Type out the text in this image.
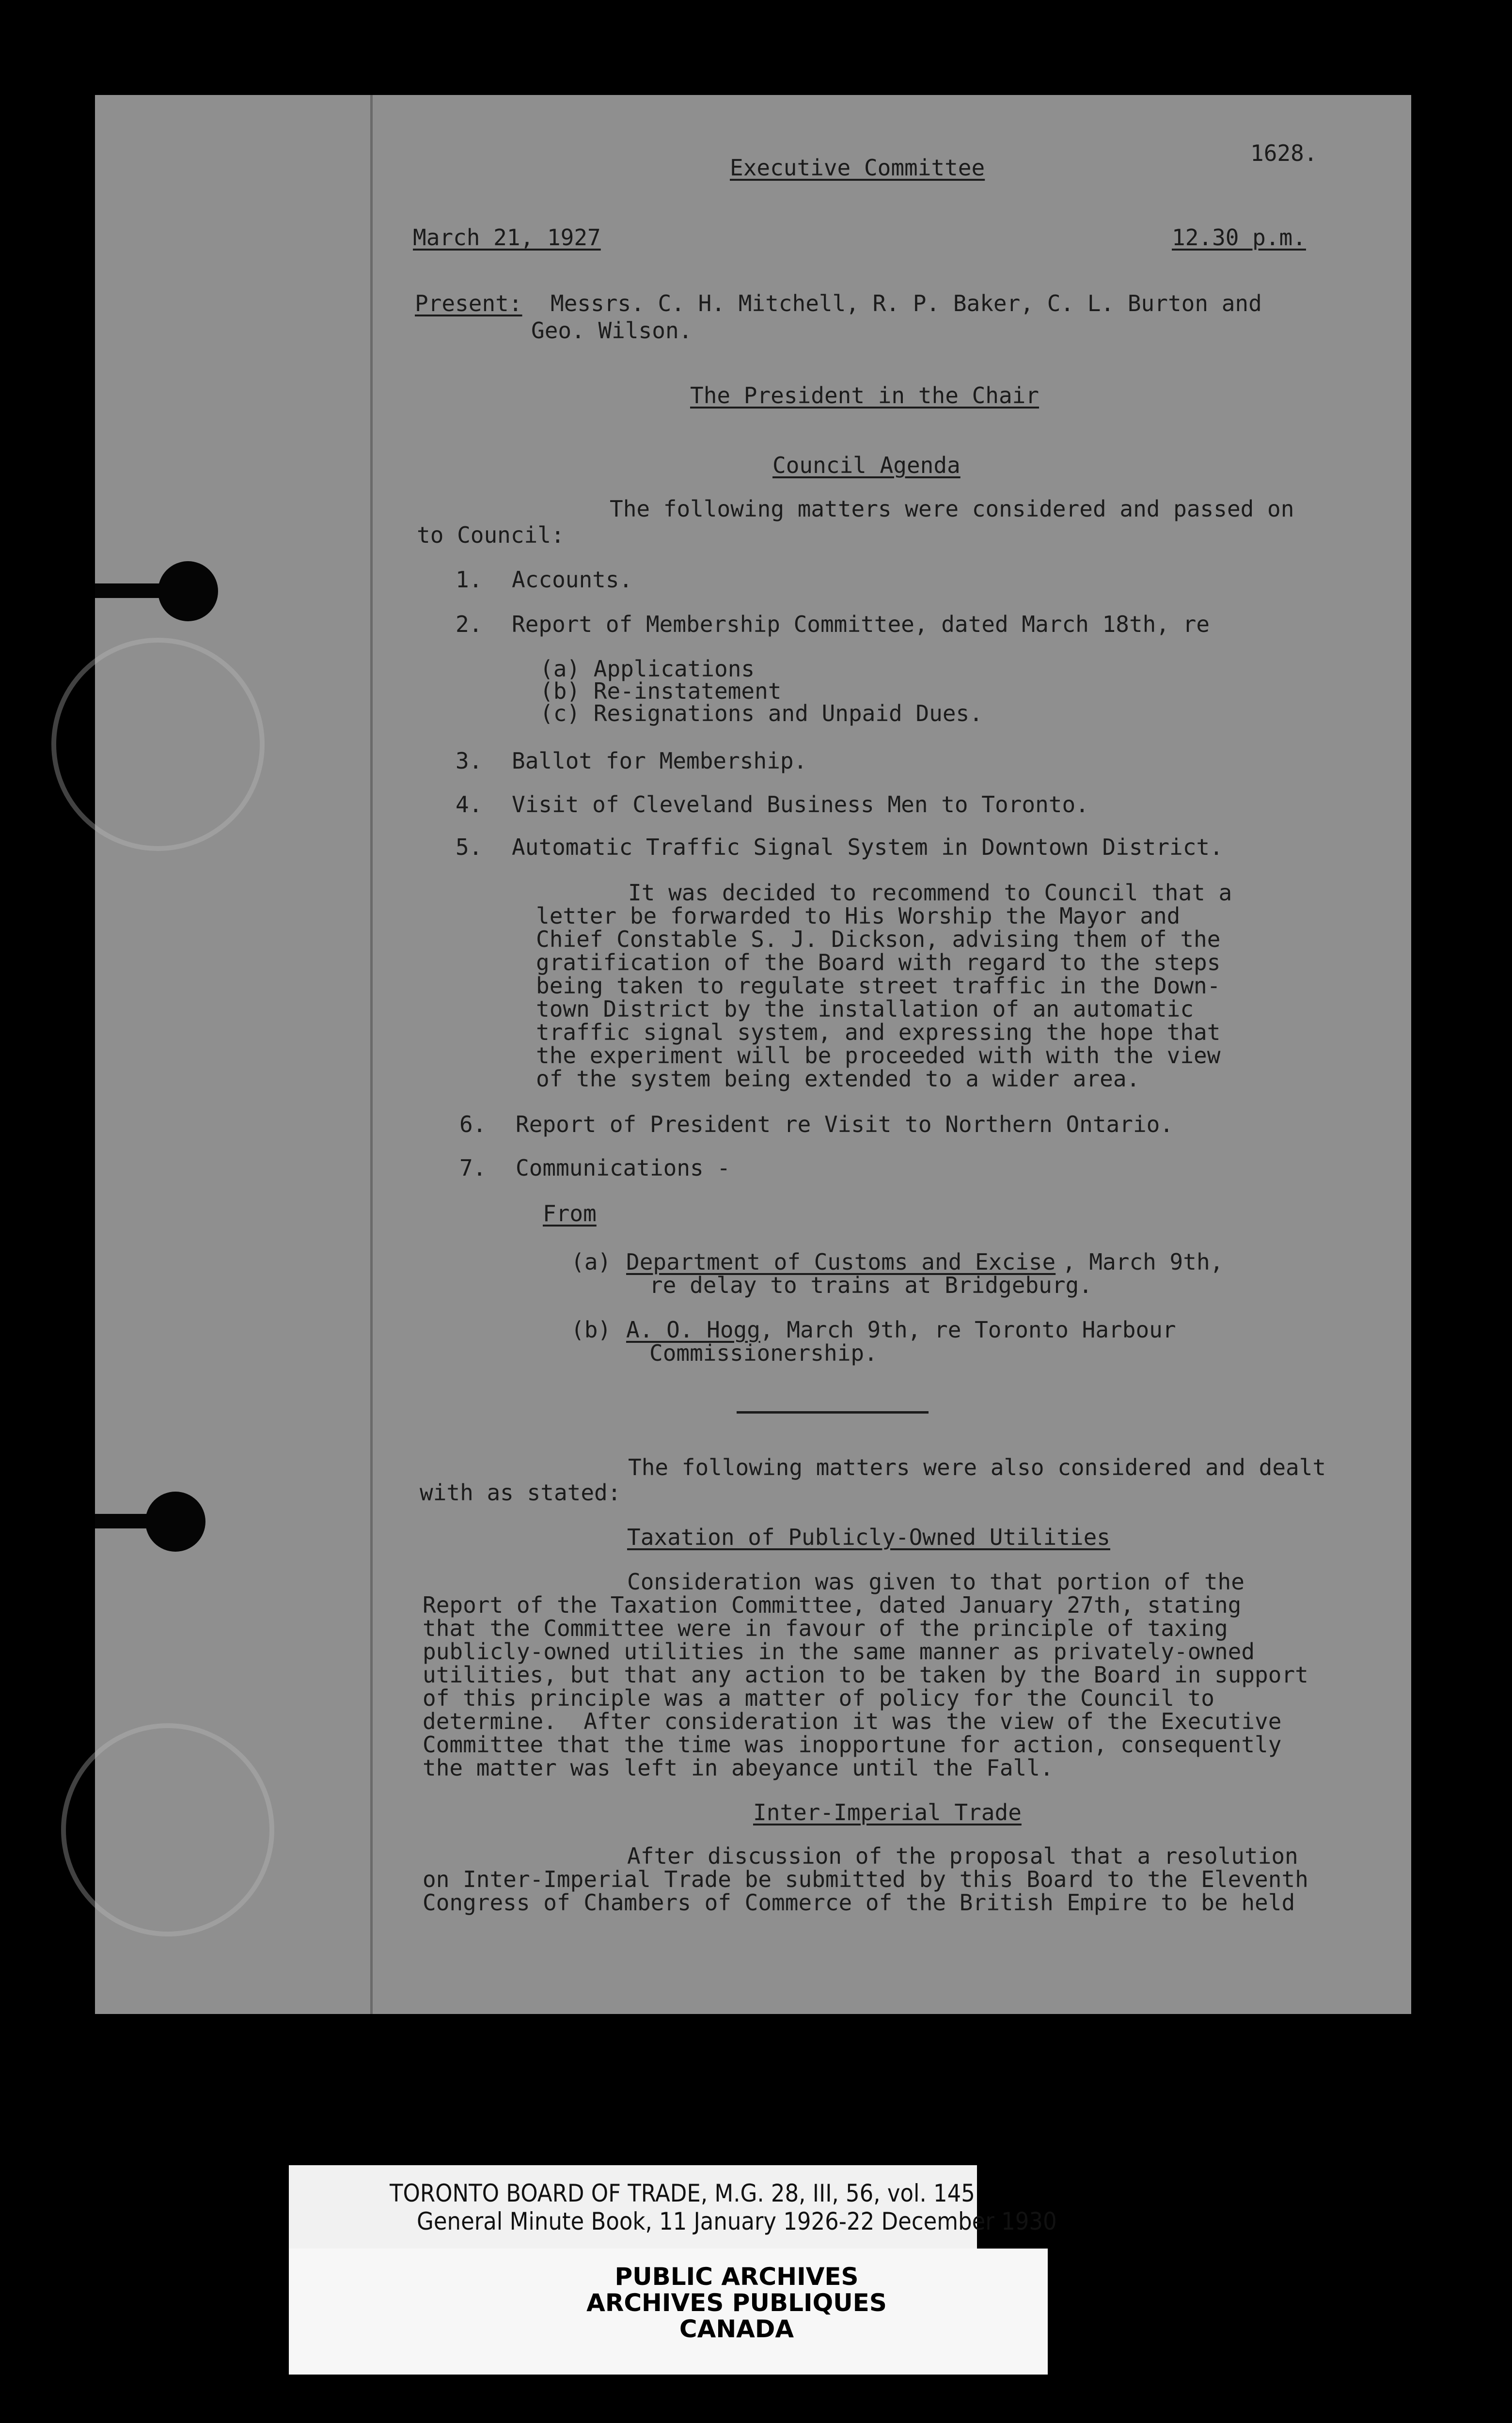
Executive Committee
1628.
March 21, 1927	12.30 p.m.
Present: Messrs. C. H. Mitchell, R. P. Baker, C. L. Burton and
Geo. Wilson.
The President in the Chair
Council Agenda
The following matters were considered and passed on
to Council:
1. Accounts.
2. Report of Membership Committee, dated March 18th, re
(a) Applications
(b) Re-instatement
(c) Resignations and Unpaid Dues.
3. Ballot for Membership.
4. Visit of Cleveland Business Men to Toronto.
5. Automatic Traffic Signal System in Downtown District.
It was decided to recommend to Council that a
letter be forwarded to His Worship the Mayor and
Chief Constable S. J. Dickson, advising them of the
gratification of the Board with regard to the steps
being taken to regulate street traffic in the Down-
town District by the installation of an automatic
traffic signal system, and expressing the hope that
the experiment will be proceeded with with the view
of the system being extended to a wider area.
6. Report of President re Visit to Northern Ontario.
7. Communications -
From
(a) Department of Customs and Excise , March 9th,
re delay to trains at Bridgeburg.
(b) A. O. Hogg , March 9th, re Toronto Harbour
Commissionership.
The following matters were also considered and dealt
with as stated:
Taxation of Publicly-Owned Utilities
Consideration was given to that portion of the
Report of the Taxation Committee, dated January 27th, stating
that the Committee were in favour of the principle of taxing
publicly-owned utilities in the same manner as privately-owned
utilities, but that any action to be taken by the Board in support
of this principle was a matter of policy for the Council to
determine.  After consideration it was the view of the Executive
Committee that the time was inopportune for action, consequently
the matter was left in abeyance until the Fall.
Inter-Imperial Trade
After discussion of the proposal that a resolution
on Inter-Imperial Trade be submitted by this Board to the Eleventh
Congress of Chambers of Commerce of the British Empire to be held
TORONTO BOARD OF TRADE, M.G. 28, III, 56, vol. 145
General Minute Book, 11 January 1926-22 December 1930
PUBLIC ARCHIVES
ARCHIVES PUBLIQUES
CANADA
